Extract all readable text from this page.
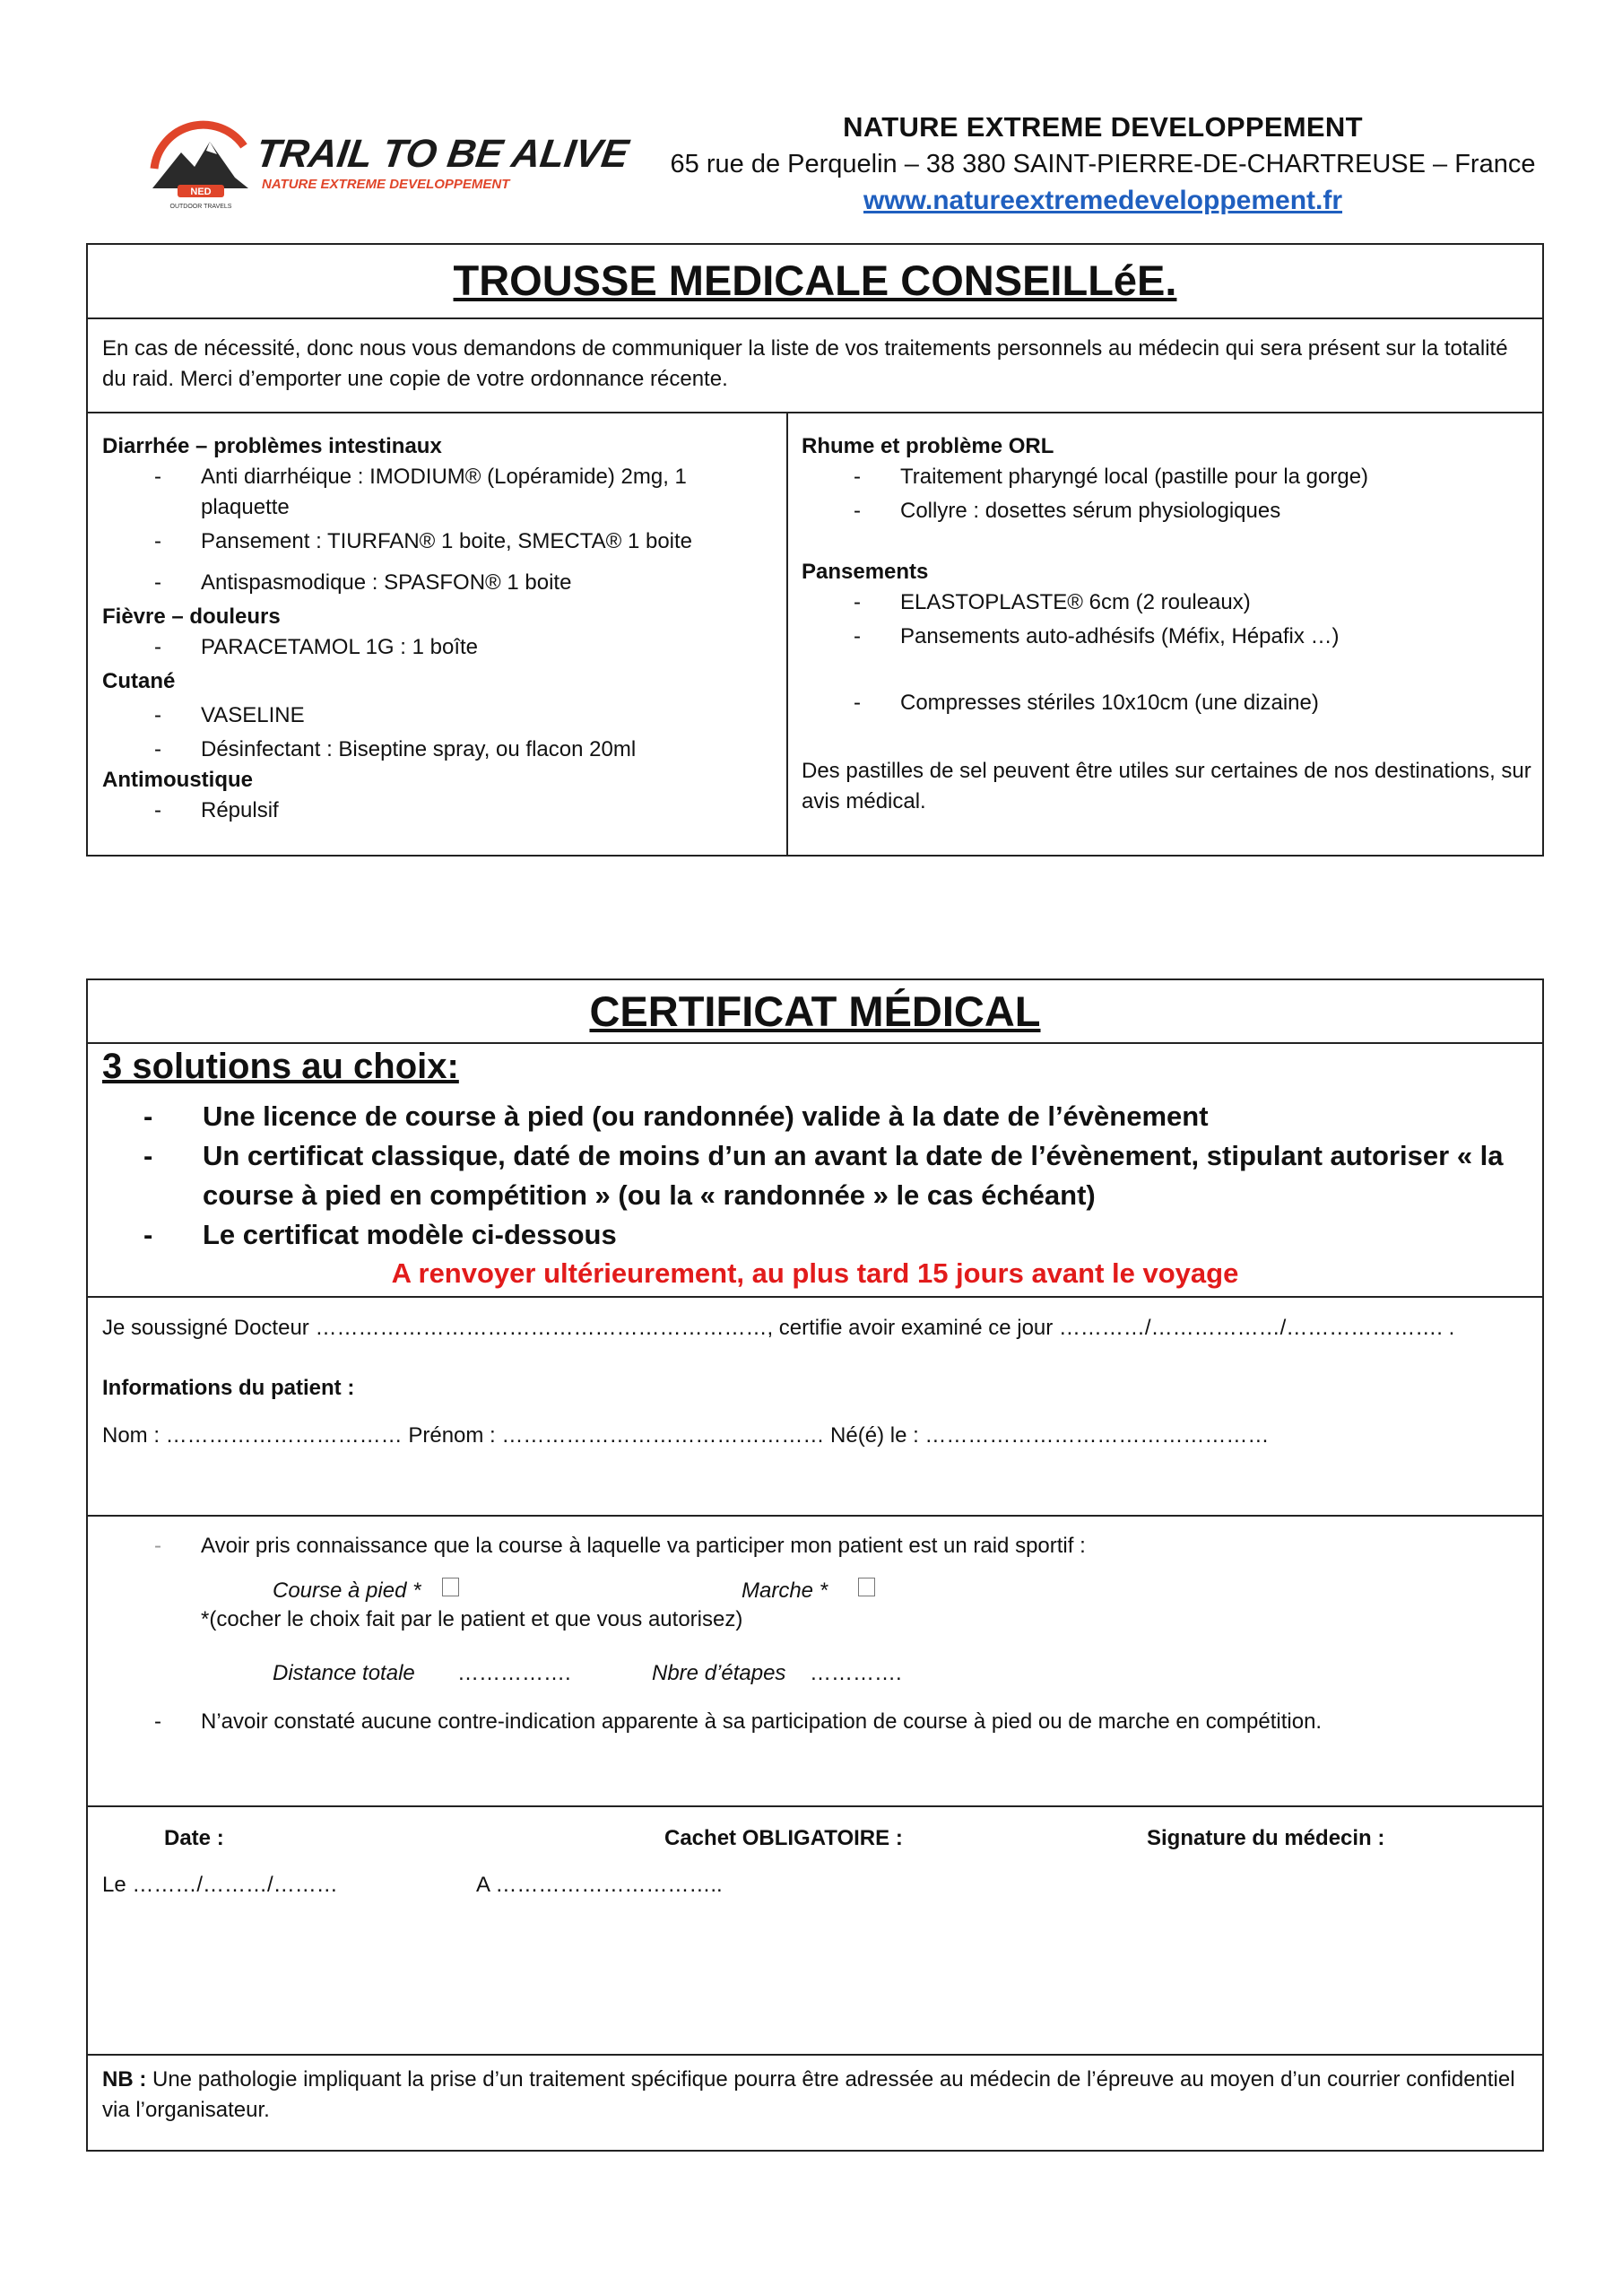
NED
OUTDOOR TRAVELS
TRAIL TO BE ALIVE
NATURE EXTREME DEVELOPPEMENT
NATURE EXTREME DEVELOPPEMENT
65 rue de Perquelin – 38 380 SAINT-PIERRE-DE-CHARTREUSE – France
www.natureextremedeveloppement.fr
TROUSSE MEDICALE CONSEILLéE.
En cas de nécessité, donc nous vous demandons de communiquer la liste de vos traitements personnels au médecin qui sera présent sur la totalité du raid. Merci d’emporter une copie de votre ordonnance récente.
Diarrhée – problèmes intestinaux
- Anti diarrhéique : IMODIUM® (Lopéramide) 2mg, 1 plaquette
- Pansement : TIURFAN® 1 boite, SMECTA® 1 boite
- Antispasmodique : SPASFON® 1 boite
Fièvre – douleurs
- PARACETAMOL 1G : 1 boîte
Cutané
- VASELINE
- Désinfectant : Biseptine spray, ou flacon 20ml
Antimoustique
- Répulsif
Rhume et problème ORL
- Traitement pharyngé local (pastille pour la gorge)
- Collyre : dosettes sérum physiologiques
Pansements
- ELASTOPLASTE® 6cm (2 rouleaux)
- Pansements auto-adhésifs (Méfix, Hépafix …)
- Compresses stériles 10x10cm (une dizaine)
Des pastilles de sel peuvent être utiles sur certaines de nos destinations, sur avis médical.
CERTIFICAT MÉDICAL
3 solutions au choix:
- Une licence de course à pied (ou randonnée) valide à la date de l’évènement
- Un certificat classique, daté de moins d’un an avant la date de l’évènement, stipulant autoriser « la course à pied en compétition » (ou la « randonnée » le cas échéant)
- Le certificat modèle ci-dessous
A renvoyer ultérieurement, au plus tard 15 jours avant le voyage
Je soussigné Docteur ………………………………………………………, certifie avoir examiné ce jour …………/………………/…………………. .
Informations du patient :
Nom : …………………………… Prénom : ……………………………………… Né(é) le : …………………………………………
- Avoir pris connaissance que la course à laquelle va participer mon patient est un raid sportif :
Course à pied *	Marche *
*(cocher le choix fait par le patient et que vous autorisez)
Distance totale …………….	Nbre d’étapes ………….
- N’avoir constaté aucune contre-indication apparente à sa participation de course à pied ou de marche en compétition.
Date :	Cachet OBLIGATOIRE :	Signature du médecin :
Le ………/………/………	A …………………………..
NB : Une pathologie impliquant la prise d’un traitement spécifique pourra être adressée au médecin de l’épreuve au moyen d’un courrier confidentiel via l’organisateur.
